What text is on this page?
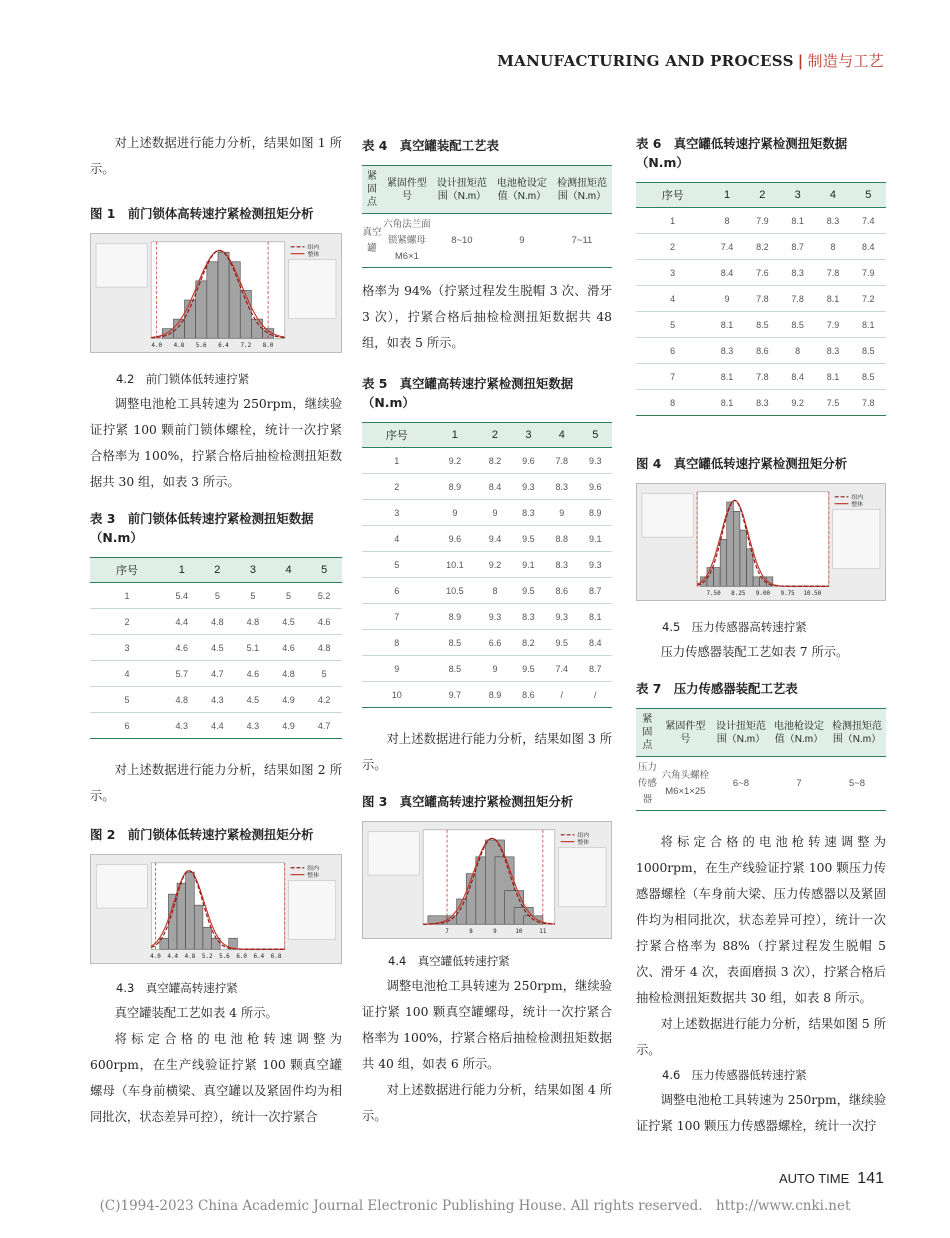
MANUFACTURING AND PROCESS | 制造与工艺

对上述数据进行能力分析，结果如图 1 所示。

图 1　前门锁体高转速拧紧检测扭矩分析
组内
整体
4.0 4.8 5.6 6.4 7.2 8.0
4.2　前门锁体低转速拧紧

调整电池枪工具转速为 250rpm，继续验证拧紧 100 颗前门锁体螺栓，统计一次拧紧合格率为 100%，拧紧合格后抽检检测扭矩数据共 30 组，如表 3 所示。

表 3　前门锁体低转速拧紧检测扭矩数据（N.m）
序号	1	2	3	4	5
1	5.4	5	5	5	5.2
2	4.4	4.8	4.8	4.5	4.6
3	4.6	4.5	5.1	4.6	4.8
4	5.7	4.7	4.6	4.8	5
5	4.8	4.3	4.5	4.9	4.2
6	4.3	4.4	4.3	4.9	4.7

对上述数据进行能力分析，结果如图 2 所示。

图 2　前门锁体低转速拧紧检测扭矩分析
组内
整体
4.0 4.4 4.8 5.2 5.6 6.0 6.4 6.8
4.3　真空罐高转速拧紧

真空罐装配工艺如表 4 所示。

将标定合格的电池枪转速调整为 600rpm，在生产线验证拧紧 100 颗真空罐螺母（车身前横梁、真空罐以及紧固件均为相同批次，状态差异可控），统计一次拧紧合

表 4　真空罐装配工艺表
紧固点	紧固件型号	设计扭矩范围（N.m）	电池枪设定值（N.m）	检测扭矩范围（N.m）
真空罐	六角法兰面锁紧螺母 M6×1	8~10	9	7~11

格率为 94%（拧紧过程发生脱帽 3 次、滑牙 3 次），拧紧合格后抽检检测扭矩数据共 48 组，如表 5 所示。

表 5　真空罐高转速拧紧检测扭矩数据（N.m）
序号	1	2	3	4	5
1	9.2	8.2	9.6	7.8	9.3
2	8.9	8.4	9.3	8.3	9.6
3	9	9	8.3	9	8.9
4	9.6	9.4	9.5	8.8	9.1
5	10.1	9.2	9.1	8.3	9.3
6	10.5	8	9.5	8.6	8.7
7	8.9	9.3	8.3	9.3	8.1
8	8.5	6.6	8.2	9.5	8.4
9	8.5	9	9.5	7.4	8.7
10	9.7	8.9	8.6	/	/

对上述数据进行能力分析，结果如图 3 所示。

图 3　真空罐高转速拧紧检测扭矩分析
组内
整体
7	8	9	10	11
4.4　真空罐低转速拧紧

调整电池枪工具转速为 250rpm，继续验证拧紧 100 颗真空罐螺母，统计一次拧紧合格率为 100%，拧紧合格后抽检检测扭矩数据共 40 组，如表 6 所示。

对上述数据进行能力分析，结果如图 4 所示。

表 6　真空罐低转速拧紧检测扭矩数据（N.m）
序号	1	2	3	4	5
1	8	7.9	8.1	8.3	7.4
2	7.4	8.2	8.7	8	8.4
3	8.4	7.6	8.3	7.8	7.9
4	9	7.8	7.8	8.1	7.2
5	8.1	8.5	8.5	7.9	8.1
6	8.3	8.6	8	8.3	8.5
7	8.1	7.8	8.4	8.1	8.5
8	8.1	8.3	9.2	7.5	7.8
图 4　真空罐低转速拧紧检测扭矩分析
组内
整体
7.50 8.25 9.00 9.75 10.50
4.5　压力传感器高转速拧紧

压力传感器装配工艺如表 7 所示。

表 7　压力传感器装配工艺表
紧固点	紧固件型号	设计扭矩范围（N.m）	电池枪设定值（N.m）	检测扭矩范围（N.m）
压力传感器	六角头螺栓 M6×1×25	6~8	7	5~8

将标定合格的电池枪转速调整为 1000rpm，在生产线验证拧紧 100 颗压力传感器螺栓（车身前大梁、压力传感器以及紧固件均为相同批次，状态差异可控），统计一次拧紧合格率为 88%（拧紧过程发生脱帽 5 次、滑牙 4 次，表面磨损 3 次），拧紧合格后抽检检测扭矩数据共 30 组，如表 8 所示。

对上述数据进行能力分析，结果如图 5 所示。

4.6　压力传感器低转速拧紧

调整电池枪工具转速为 250rpm，继续验证拧紧 100 颗压力传感器螺栓，统计一次拧

AUTO TIME 141
(C)1994-2023 China Academic Journal Electronic Publishing House. All rights reserved.　http://www.cnki.net
